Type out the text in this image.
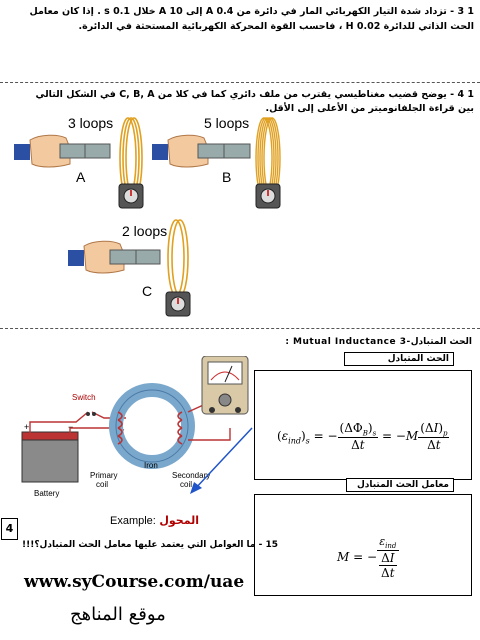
1 3 - تزداد شدة التيار الكهربائي المار في دائرة من A 0.4 إلى A 10 خلال s 0.1 . إذا كان معامل الحث الذاتي للدائرة H 0.02 ، فاحسب القوة المحركة الكهربائية المستحثة في الدائرة.
1 4 - يوضح قضيب مغناطيسي يقترب من ملف دائري كما في كلا من C, B, A في الشكل التالي
بين قراءة الجلفانوميتر من الأعلى إلى الأقل.
3 loops
A
5 loops
B
2 loops
C
: Mutual Inductance 3-الحث المتبادل
+	−
Switch
Battery
Primary
coil
Iron
Secondary
coil
الحث المتبادل
$(\varepsilon_{ind})_s$ = − $\frac{(\Delta\Phi_B)_s}{\Delta t} = -M \frac{(\Delta I)_p}{\Delta t}$
معامل الحث المتبادل
M = − $\frac{\varepsilon_{ind}}{\frac{\Delta I}{\Delta t}}$
4
Example: المحول
15 - ما العوامل التي يعتمد عليها معامل الحث المتبادل؟!!!
www.syCourse.com/uae
موقع المناهج
